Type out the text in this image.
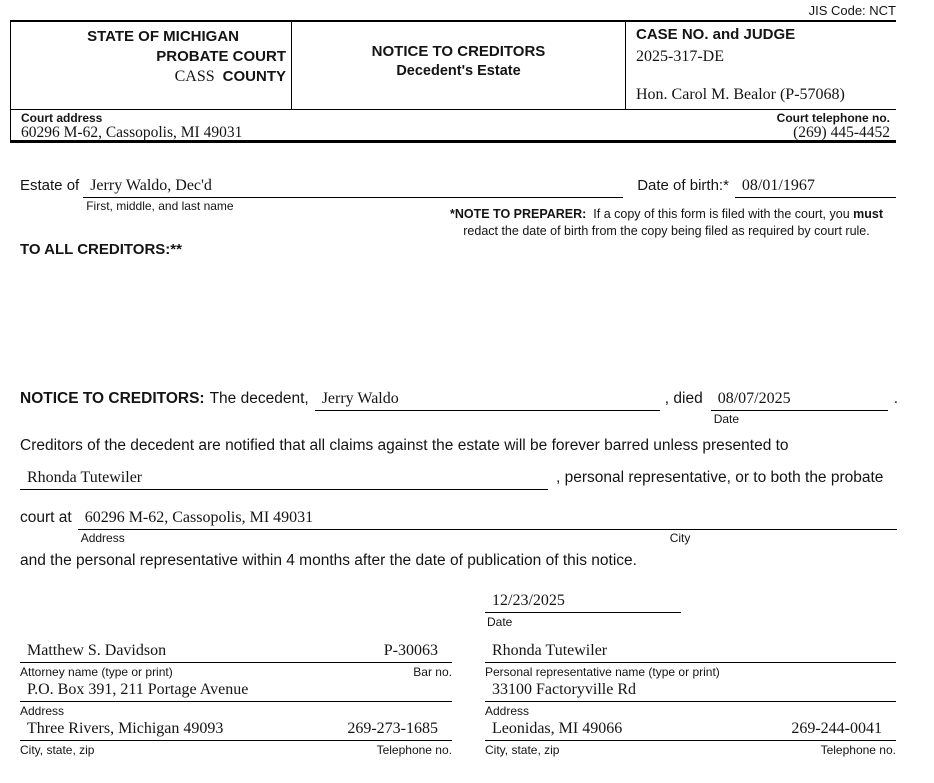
JIS Code: NCT
STATE OF MICHIGAN
PROBATE COURT
CASS COUNTY
NOTICE TO CREDITORS
Decedent's Estate
CASE NO. and JUDGE
2025-317-DE
Hon. Carol M. Bealor (P-57068)
Court address
60296 M-62, Cassopolis, MI 49031
Court telephone no.
(269) 445-4452
Estate of Jerry Waldo, Dec'd
First, middle, and last name
Date of birth:* 08/01/1967
*NOTE TO PREPARER: If a copy of this form is filed with the court, you must
redact the date of birth from the copy being filed as required by court rule.
TO ALL CREDITORS:**
NOTICE TO CREDITORS: The decedent, Jerry Waldo	, died 08/07/2025
Date
.
Creditors of the decedent are notified that all claims against the estate will be forever barred unless presented to
Rhonda Tutewiler	, personal representative, or to both the probate
court at 60296 M-62, Cassopolis, MI 49031
Address	City
and the personal representative within 4 months after the date of publication of this notice.
12/23/2025
Date
Matthew S. Davidson	P-30063
Attorney name (type or print)	Bar no.
Rhonda Tutewiler
Personal representative name (type or print)
P.O. Box 391, 211 Portage Avenue
Address
33100 Factoryville Rd
Address
Three Rivers, Michigan 49093	269-273-1685
City, state, zip	Telephone no.
Leonidas, MI 49066	269-244-0041
City, state, zip	Telephone no.
